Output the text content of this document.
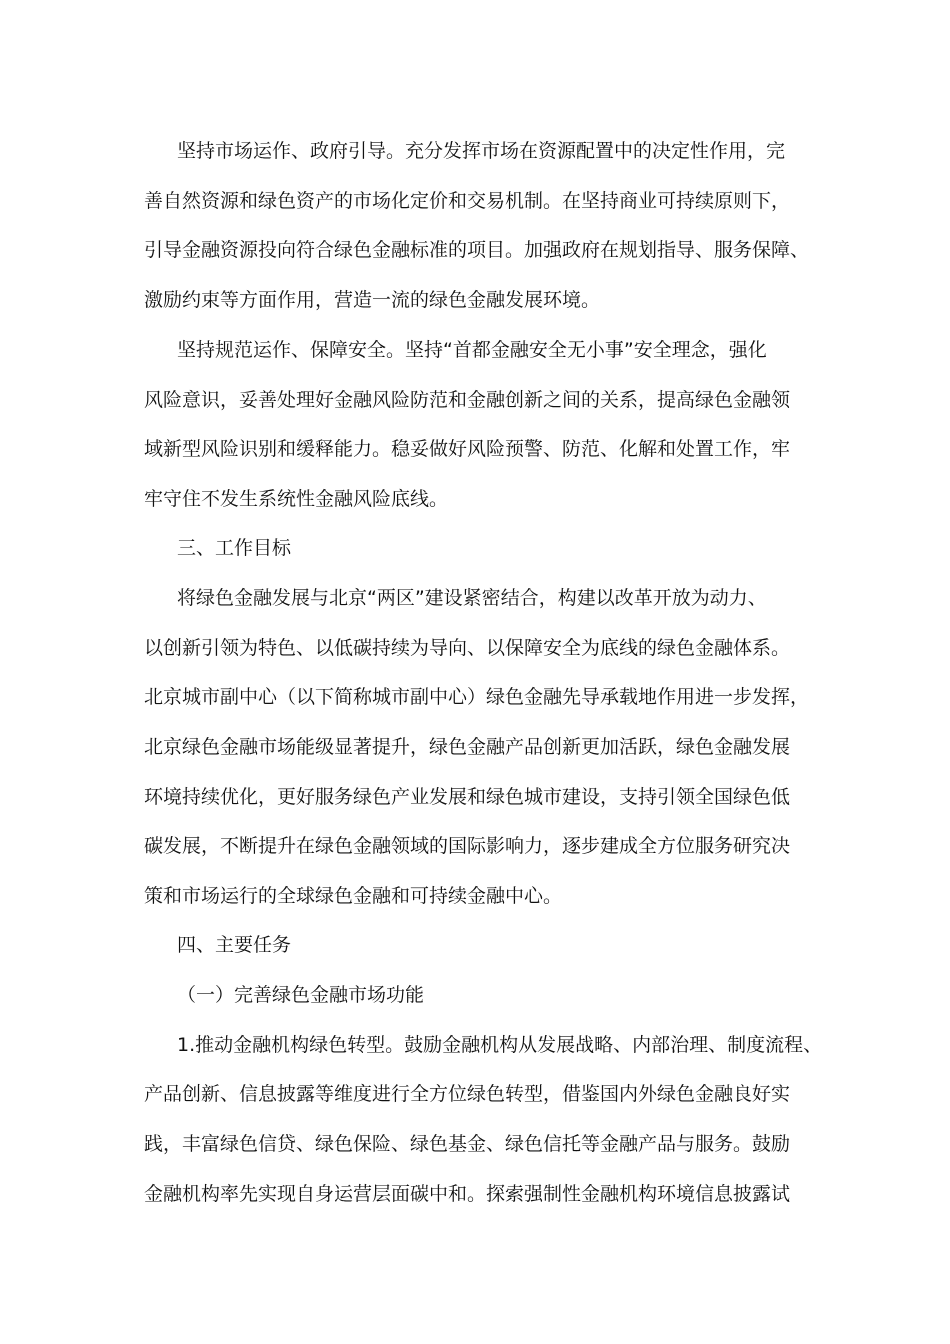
坚持市场运作、政府引导。充分发挥市场在资源配置中的决定性作用，完
善自然资源和绿色资产的市场化定价和交易机制。在坚持商业可持续原则下，
引导金融资源投向符合绿色金融标准的项目。加强政府在规划指导、服务保障、
激励约束等方面作用，营造一流的绿色金融发展环境。
坚持规范运作、保障安全。坚持“首都金融安全无小事”安全理念，强化
风险意识，妥善处理好金融风险防范和金融创新之间的关系，提高绿色金融领
域新型风险识别和缓释能力。稳妥做好风险预警、防范、化解和处置工作，牢
牢守住不发生系统性金融风险底线。
三、工作目标
将绿色金融发展与北京“两区”建设紧密结合，构建以改革开放为动力、
以创新引领为特色、以低碳持续为导向、以保障安全为底线的绿色金融体系。
北京城市副中心（以下简称城市副中心）绿色金融先导承载地作用进一步发挥，
北京绿色金融市场能级显著提升，绿色金融产品创新更加活跃，绿色金融发展
环境持续优化，更好服务绿色产业发展和绿色城市建设，支持引领全国绿色低
碳发展，不断提升在绿色金融领域的国际影响力，逐步建成全方位服务研究决
策和市场运行的全球绿色金融和可持续金融中心。
四、主要任务
（一）完善绿色金融市场功能
1.推动金融机构绿色转型。鼓励金融机构从发展战略、内部治理、制度流程、
产品创新、信息披露等维度进行全方位绿色转型，借鉴国内外绿色金融良好实
践，丰富绿色信贷、绿色保险、绿色基金、绿色信托等金融产品与服务。鼓励
金融机构率先实现自身运营层面碳中和。探索强制性金融机构环境信息披露试
